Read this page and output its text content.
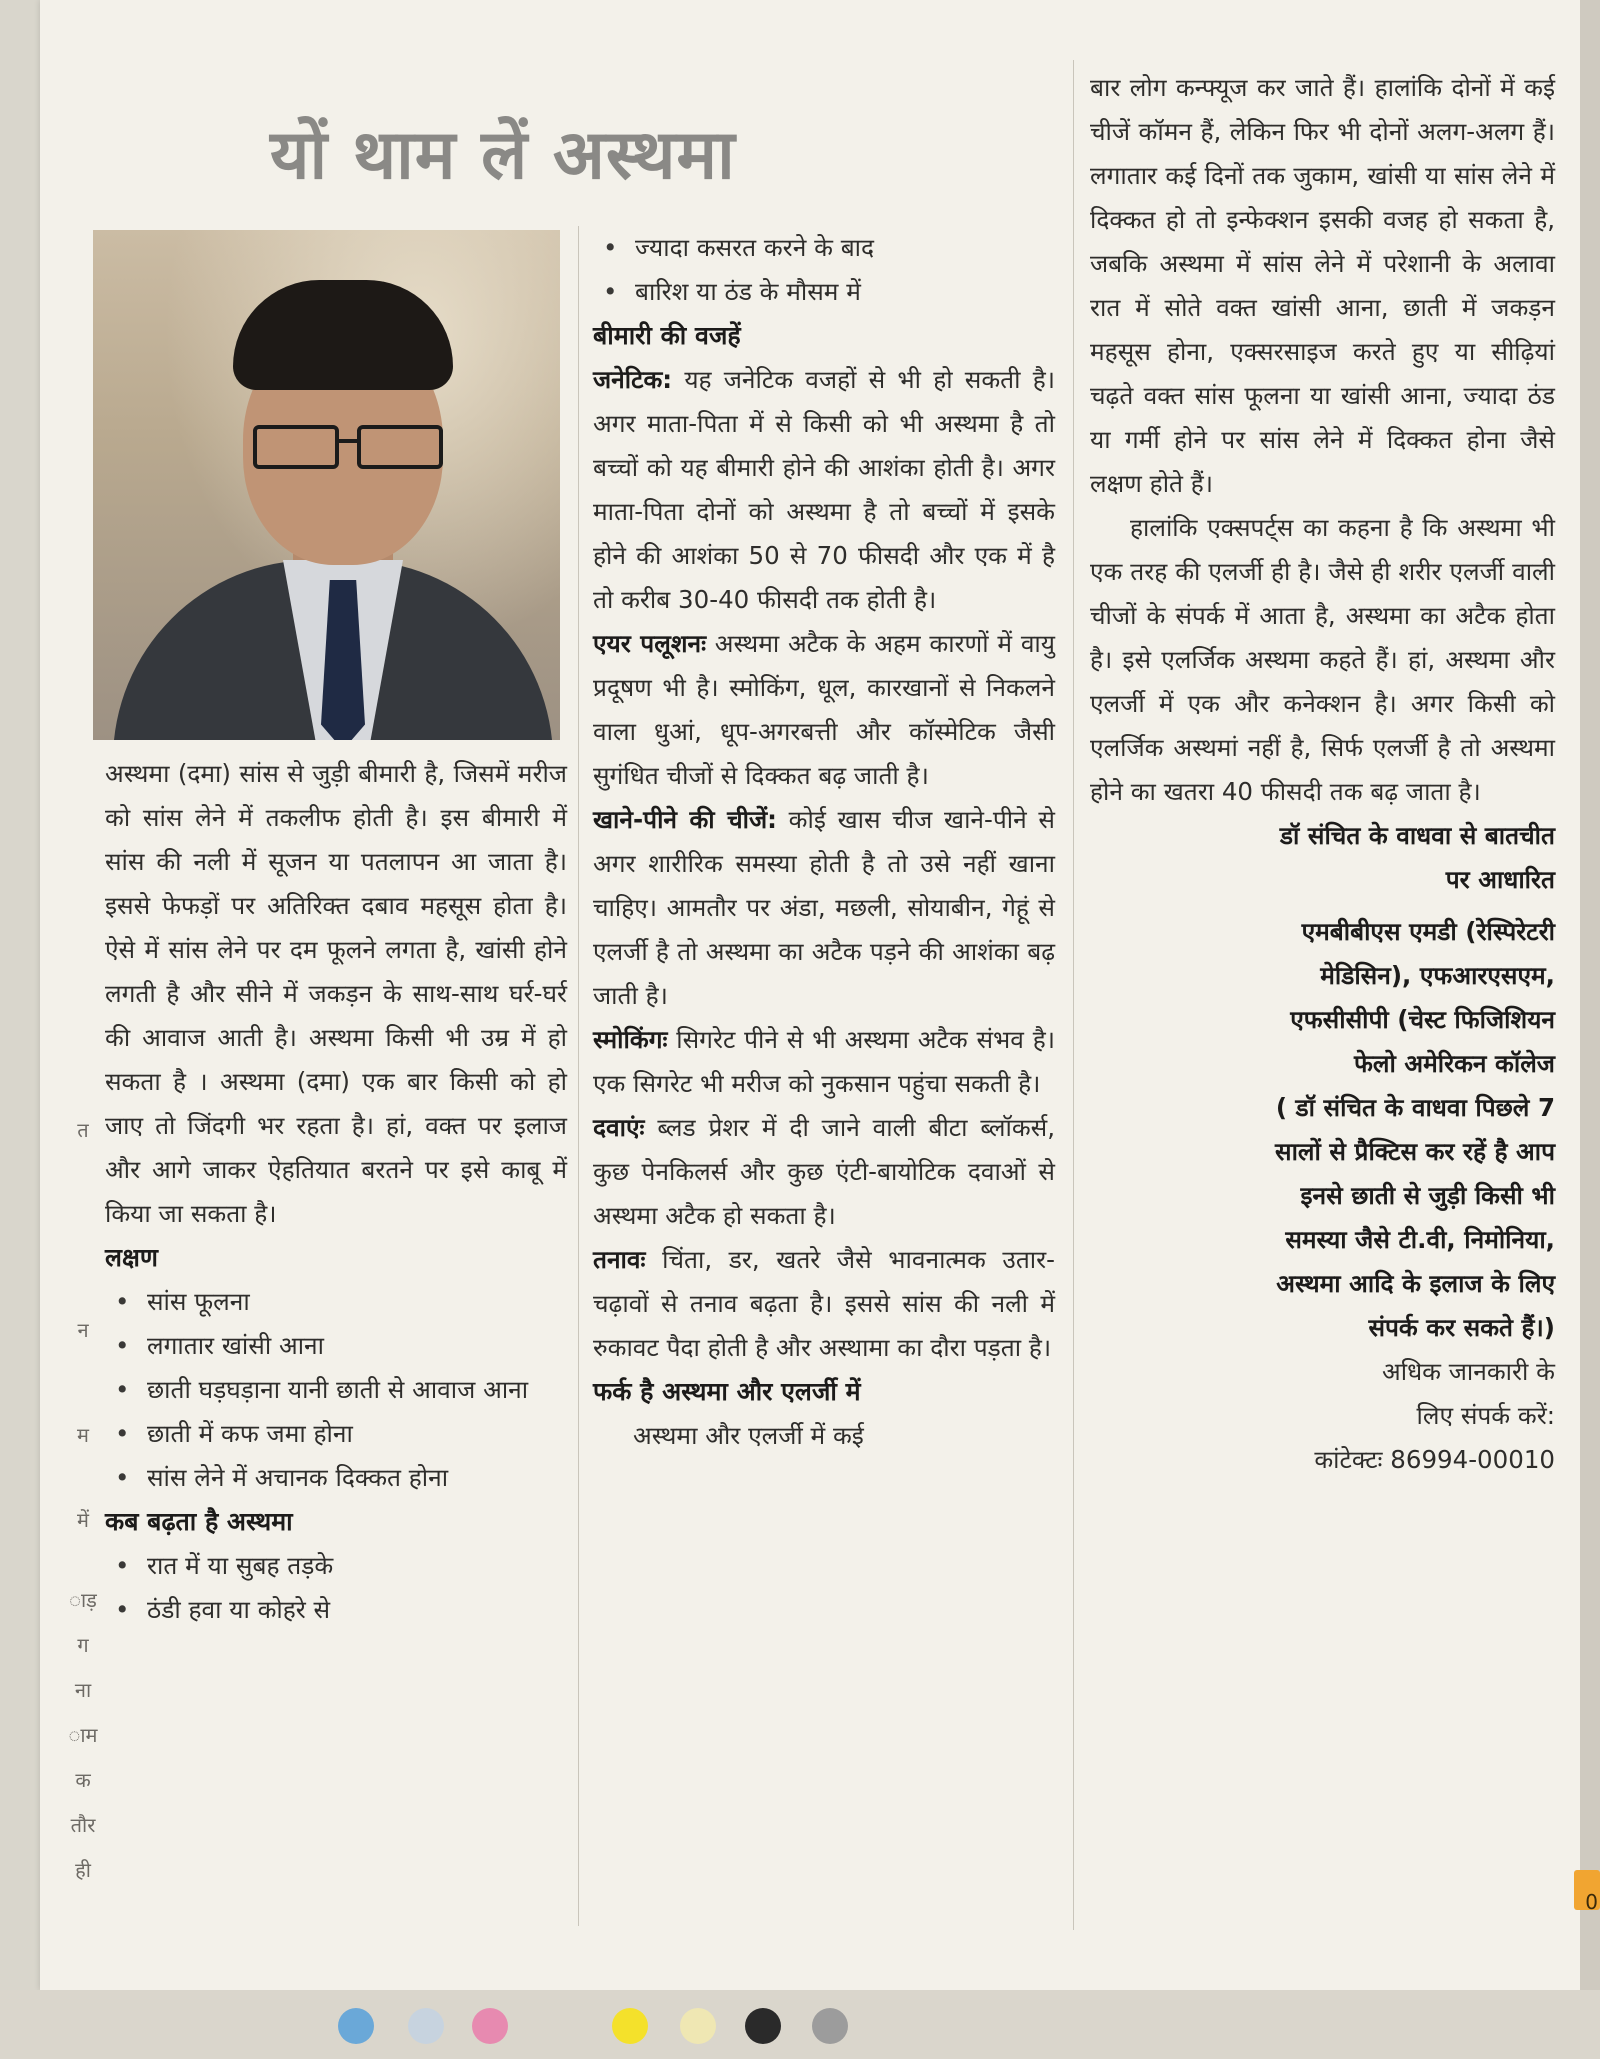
त
न
म
में
ाड़
ग
ना
ाम
क
तौर
ही
यों थाम लें अस्थमा

अस्थमा (दमा) सांस से जुड़ी बीमारी है, जिसमें मरीज को सांस लेने में तकलीफ होती है। इस बीमारी में सांस की नली में सूजन या पतलापन आ जाता है। इससे फेफड़ों पर अतिरिक्त दबाव महसूस होता है। ऐसे में सांस लेने पर दम फूलने लगता है, खांसी होने लगती है और सीने में जकड़न के साथ-साथ घर्र-घर्र की आवाज आती है। अस्थमा किसी भी उम्र में हो सकता है । अस्थमा (दमा) एक बार किसी को हो जाए तो जिंदगी भर रहता है। हां, वक्त पर इलाज और आगे जाकर ऐहतियात बरतने पर इसे काबू में किया जा सकता है।

लक्षण
• सांस फूलना
• लगातार खांसी आना
• छाती घड़घड़ाना यानी छाती से आवाज आना
• छाती में कफ जमा होना
• सांस लेने में अचानक दिक्कत होना
कब बढ़ता है अस्थमा
• रात में या सुबह तड़के
• ठंडी हवा या कोहरे से
• ज्यादा कसरत करने के बाद
• बारिश या ठंड के मौसम में
बीमारी की वजहें

जनेटिक: यह जनेटिक वजहों से भी हो सकती है। अगर माता-पिता में से किसी को भी अस्थमा है तो बच्चों को यह बीमारी होने की आशंका होती है। अगर माता-पिता दोनों को अस्थमा है तो बच्चों में इसके होने की आशंका 50 से 70 फीसदी और एक में है तो करीब 30-40 फीसदी तक होती है।

एयर पलूशनः अस्थमा अटैक के अहम कारणों में वायु प्रदूषण भी है। स्मोकिंग, धूल, कारखानों से निकलने वाला धुआं, धूप-अगरबत्ती और कॉस्मेटिक जैसी सुगंधित चीजों से दिक्कत बढ़ जाती है।

खाने-पीने की चीजें: कोई खास चीज खाने-पीने से अगर शारीरिक समस्या होती है तो उसे नहीं खाना चाहिए। आमतौर पर अंडा, मछली, सोयाबीन, गेहूं से एलर्जी है तो अस्थमा का अटैक पड़ने की आशंका बढ़ जाती है।

स्मोकिंगः सिगरेट पीने से भी अस्थमा अटैक संभव है। एक सिगरेट भी मरीज को नुकसान पहुंचा सकती है।

दवाएंः ब्लड प्रेशर में दी जाने वाली बीटा ब्लॉकर्स, कुछ पेनकिलर्स और कुछ एंटी-बायोटिक दवाओं से अस्थमा अटैक हो सकता है।

तनावः चिंता, डर, खतरे जैसे भावनात्मक उतार-चढ़ावों से तनाव बढ़ता है। इससे सांस की नली में रुकावट पैदा होती है और अस्थामा का दौरा पड़ता है।

फर्क है अस्थमा और एलर्जी में

अस्थमा और एलर्जी में कई

बार लोग कन्फ्यूज कर जाते हैं। हालांकि दोनों में कई चीजें कॉमन हैं, लेकिन फिर भी दोनों अलग-अलग हैं। लगातार कई दिनों तक जुकाम, खांसी या सांस लेने में दिक्कत हो तो इन्फेक्शन इसकी वजह हो सकता है, जबकि अस्थमा में सांस लेने में परेशानी के अलावा रात में सोते वक्त खांसी आना, छाती में जकड़न महसूस होना, एक्सरसाइज करते हुए या सीढ़ियां चढ़ते वक्त सांस फूलना या खांसी आना, ज्यादा ठंड या गर्मी होने पर सांस लेने में दिक्कत होना जैसे लक्षण होते हैं।

हालांकि एक्सपर्ट्स का कहना है कि अस्थमा भी एक तरह की एलर्जी ही है। जैसे ही शरीर एलर्जी वाली चीजों के संपर्क में आता है, अस्थमा का अटैक होता है। इसे एलर्जिक अस्थमा कहते हैं। हां, अस्थमा और एलर्जी में एक और कनेक्शन है। अगर किसी को एलर्जिक अस्थमां नहीं है, सिर्फ एलर्जी है तो अस्थमा होने का खतरा 40 फीसदी तक बढ़ जाता है।

डॉ संचित के वाधवा से बातचीत
पर आधारित
एमबीबीएस एमडी (रेस्पिरेटरी
मेडिसिन), एफआरएसएम,
एफसीसीपी (चेस्ट फिजिशियन
फेलो अमेरिकन कॉलेज
( डॉ संचित के वाधवा पिछले 7
सालों से प्रैक्टिस कर रहें है आप
इनसे छाती से जुड़ी किसी भी
समस्या जैसे टी.वी, निमोनिया,
अस्थमा आदि के इलाज के लिए
संपर्क कर सकते हैं।)
अधिक जानकारी के
लिए संपर्क करें:
कांटेक्टः 86994-00010
0
